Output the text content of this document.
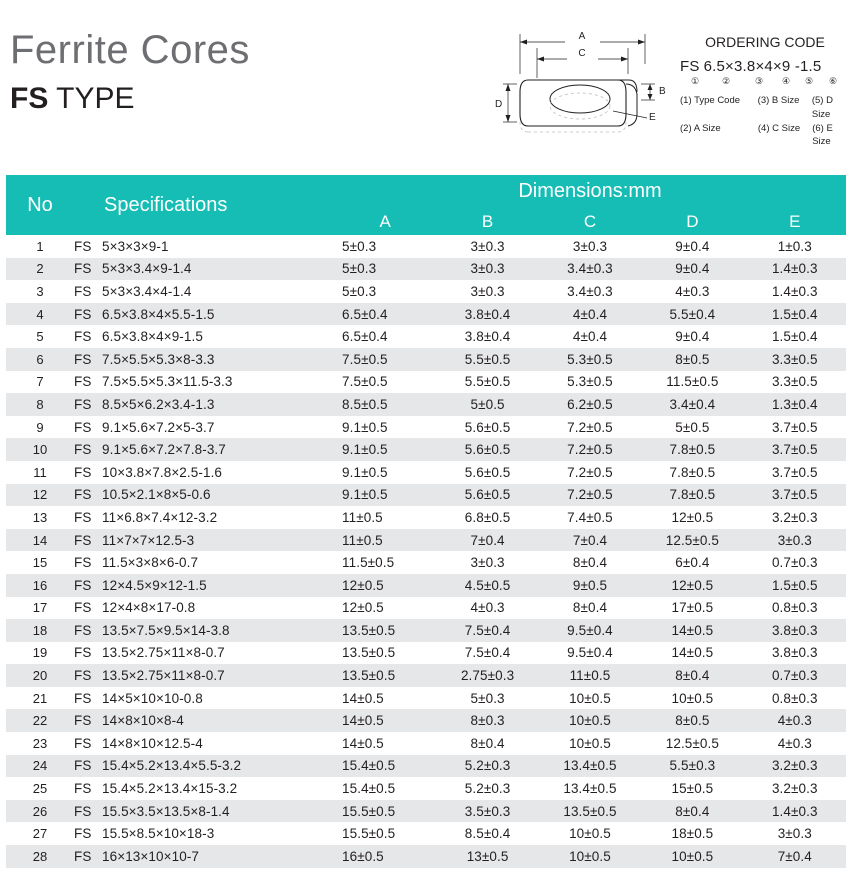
Ferrite Cores
FS TYPE
A
C
B
D
E
ORDERING CODE
FS 6.5×3.8×4×9 -1.5
①	②	③	④	⑤	⑥
(1) Type Code	(3) B Size	(5) D Size
(2) A Size	(4) C Size	(6) E Size
No	Specifications	Dimensions:mm				
		A	B	C	D	E
1	FS 5×3×3×9-1	5±0.3	3±0.3	3±0.3	9±0.4	1±0.3
2	FS 5×3×3.4×9-1.4	5±0.3	3±0.3	3.4±0.3	9±0.4	1.4±0.3
3	FS 5×3×3.4×4-1.4	5±0.3	3±0.3	3.4±0.3	4±0.3	1.4±0.3
4	FS 6.5×3.8×4×5.5-1.5	6.5±0.4	3.8±0.4	4±0.4	5.5±0.4	1.5±0.4
5	FS 6.5×3.8×4×9-1.5	6.5±0.4	3.8±0.4	4±0.4	9±0.4	1.5±0.4
6	FS 7.5×5.5×5.3×8-3.3	7.5±0.5	5.5±0.5	5.3±0.5	8±0.5	3.3±0.5
7	FS 7.5×5.5×5.3×11.5-3.3	7.5±0.5	5.5±0.5	5.3±0.5	11.5±0.5	3.3±0.5
8	FS 8.5×5×6.2×3.4-1.3	8.5±0.5	5±0.5	6.2±0.5	3.4±0.4	1.3±0.4
9	FS 9.1×5.6×7.2×5-3.7	9.1±0.5	5.6±0.5	7.2±0.5	5±0.5	3.7±0.5
10	FS 9.1×5.6×7.2×7.8-3.7	9.1±0.5	5.6±0.5	7.2±0.5	7.8±0.5	3.7±0.5
11	FS 10×3.8×7.8×2.5-1.6	9.1±0.5	5.6±0.5	7.2±0.5	7.8±0.5	3.7±0.5
12	FS 10.5×2.1×8×5-0.6	9.1±0.5	5.6±0.5	7.2±0.5	7.8±0.5	3.7±0.5
13	FS 11×6.8×7.4×12-3.2	11±0.5	6.8±0.5	7.4±0.5	12±0.5	3.2±0.3
14	FS 11×7×7×12.5-3	11±0.5	7±0.4	7±0.4	12.5±0.5	3±0.3
15	FS 11.5×3×8×6-0.7	11.5±0.5	3±0.3	8±0.4	6±0.4	0.7±0.3
16	FS 12×4.5×9×12-1.5	12±0.5	4.5±0.5	9±0.5	12±0.5	1.5±0.5
17	FS 12×4×8×17-0.8	12±0.5	4±0.3	8±0.4	17±0.5	0.8±0.3
18	FS 13.5×7.5×9.5×14-3.8	13.5±0.5	7.5±0.4	9.5±0.4	14±0.5	3.8±0.3
19	FS 13.5×2.75×11×8-0.7	13.5±0.5	7.5±0.4	9.5±0.4	14±0.5	3.8±0.3
20	FS 13.5×2.75×11×8-0.7	13.5±0.5	2.75±0.3	11±0.5	8±0.4	0.7±0.3
21	FS 14×5×10×10-0.8	14±0.5	5±0.3	10±0.5	10±0.5	0.8±0.3
22	FS 14×8×10×8-4	14±0.5	8±0.3	10±0.5	8±0.5	4±0.3
23	FS 14×8×10×12.5-4	14±0.5	8±0.4	10±0.5	12.5±0.5	4±0.3
24	FS 15.4×5.2×13.4×5.5-3.2	15.4±0.5	5.2±0.3	13.4±0.5	5.5±0.3	3.2±0.3
25	FS 15.4×5.2×13.4×15-3.2	15.4±0.5	5.2±0.3	13.4±0.5	15±0.5	3.2±0.3
26	FS 15.5×3.5×13.5×8-1.4	15.5±0.5	3.5±0.3	13.5±0.5	8±0.4	1.4±0.3
27	FS 15.5×8.5×10×18-3	15.5±0.5	8.5±0.4	10±0.5	18±0.5	3±0.3
28	FS 16×13×10×10-7	16±0.5	13±0.5	10±0.5	10±0.5	7±0.4
